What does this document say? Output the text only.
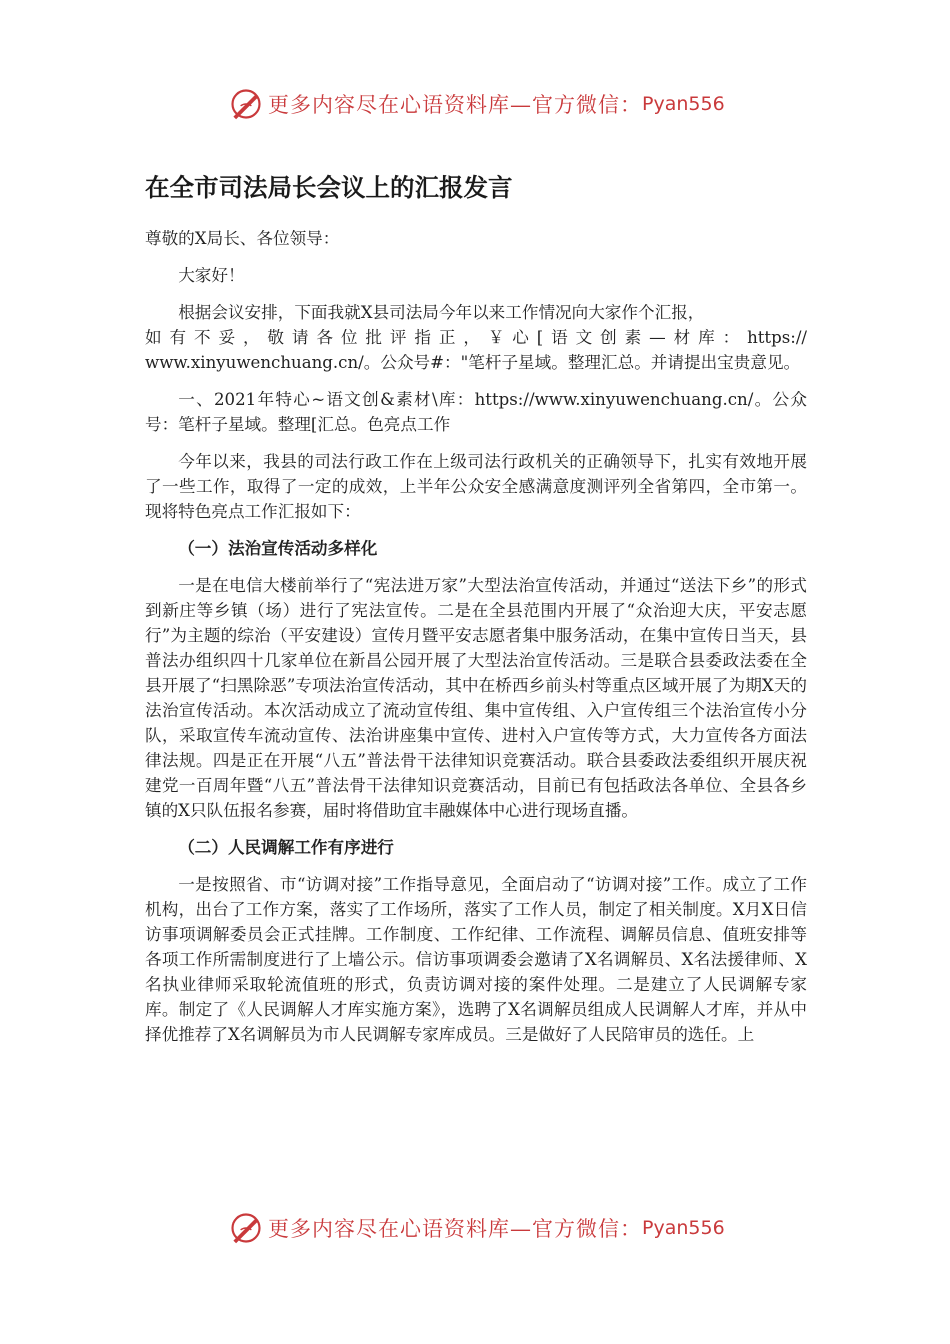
更多内容尽在心语资料库—官方微信： Pyan556
在全市司法局长会议上的汇报发言
尊敬的X局长、各位领导：
大家好！
根据会议安排，下面我就X县司法局今年以来工作情况向大家作个汇报，
如有不妥，敬请各位批评指正，￥心[语文创素—材库：https://
www.xinyuwenchuang.cn/。公众号#："笔杆子星域。整理汇总。并请提出宝贵意见。
一、2021年特心~语文创&素材\库：https://www.xinyuwenchuang.cn/。公众号：笔杆子星域。整理[汇总。色亮点工作
今年以来，我县的司法行政工作在上级司法行政机关的正确领导下，扎实有效地开展了一些工作，取得了一定的成效，上半年公众安全感满意度测评列全省第四，全市第一。现将特色亮点工作汇报如下：
（一）法治宣传活动多样化
一是在电信大楼前举行了“宪法进万家”大型法治宣传活动，并通过“送法下乡”的形式到新庄等乡镇（场）进行了宪法宣传。二是在全县范围内开展了“众治迎大庆，平安志愿行”为主题的综治（平安建设）宣传月暨平安志愿者集中服务活动，在集中宣传日当天，县普法办组织四十几家单位在新昌公园开展了大型法治宣传活动。三是联合县委政法委在全县开展了“扫黑除恶”专项法治宣传活动，其中在桥西乡前头村等重点区域开展了为期X天的法治宣传活动。本次活动成立了流动宣传组、集中宣传组、入户宣传组三个法治宣传小分队，采取宣传车流动宣传、法治讲座集中宣传、进村入户宣传等方式，大力宣传各方面法律法规。四是正在开展“八五”普法骨干法律知识竞赛活动。联合县委政法委组织开展庆祝建党一百周年暨“八五”普法骨干法律知识竞赛活动，目前已有包括政法各单位、全县各乡镇的X只队伍报名参赛，届时将借助宜丰融媒体中心进行现场直播。
（二）人民调解工作有序进行
一是按照省、市“访调对接”工作指导意见，全面启动了“访调对接”工作。成立了工作机构，出台了工作方案，落实了工作场所，落实了工作人员，制定了相关制度。X月X日信访事项调解委员会正式挂牌。工作制度、工作纪律、工作流程、调解员信息、值班安排等各项工作所需制度进行了上墙公示。信访事项调委会邀请了X名调解员、X名法援律师、X名执业律师采取轮流值班的形式，负责访调对接的案件处理。二是建立了人民调解专家库。制定了《人民调解人才库实施方案》，选聘了X名调解员组成人民调解人才库，并从中择优推荐了X名调解员为市人民调解专家库成员。三是做好了人民陪审员的选任。上
更多内容尽在心语资料库—官方微信： Pyan556
